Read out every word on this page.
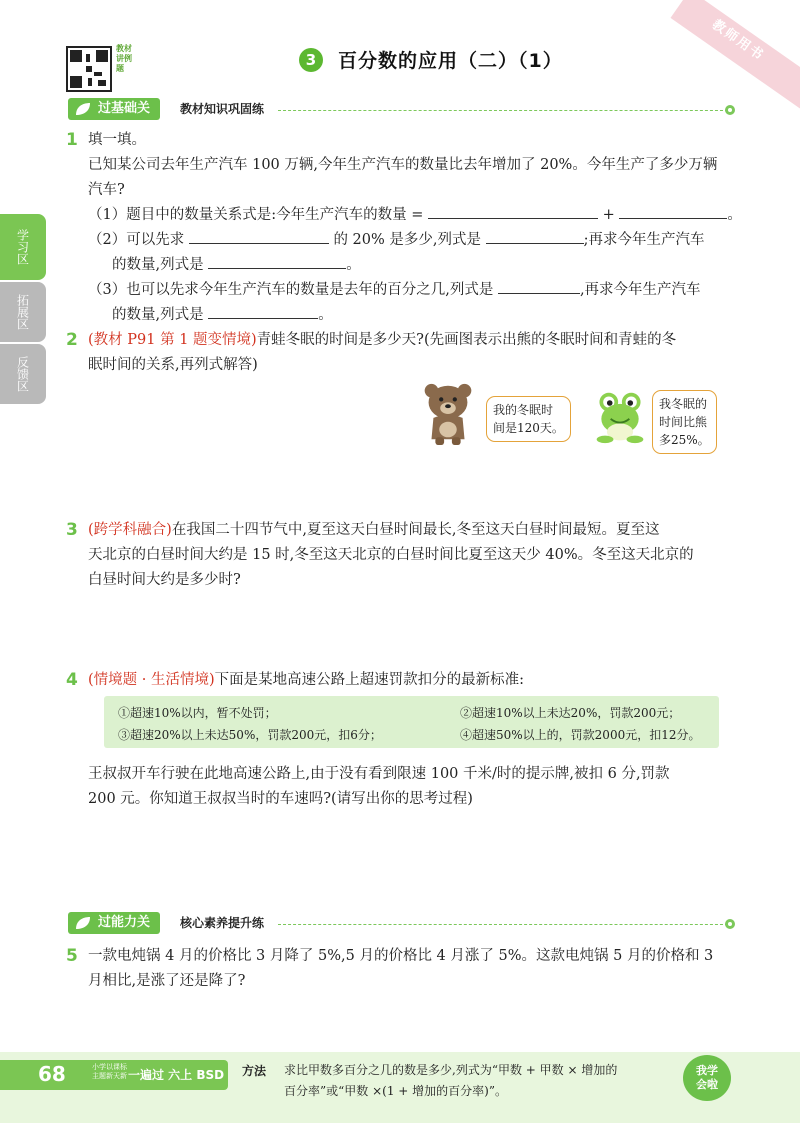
教师用书
教材讲例题	3	百分数的应用（二）（1）
学习区
拓展区
反馈区
过基础关	教材知识巩固练
1 填一填。
已知某公司去年生产汽车 100 万辆,今年生产汽车的数量比去年增加了 20%。今年生产了多少万辆
汽车?
（1）题目中的数量关系式是:今年生产汽车的数量 =	+	。
（2）可以先求	的 20% 是多少,列式是	;再求今年生产汽车
的数量,列式是	。
（3）也可以先求今年生产汽车的数量是去年的百分之几,列式是	,再求今年生产汽车
的数量,列式是	。
2 (教材 P91 第 1 题变情境)青蛙冬眠的时间是多少天?(先画图表示出熊的冬眠时间和青蛙的冬
眠时间的关系,再列式解答)
我的冬眠时
间是120天。
我冬眠的
时间比熊
多25%。
3 (跨学科融合)在我国二十四节气中,夏至这天白昼时间最长,冬至这天白昼时间最短。夏至这
天北京的白昼时间大约是 15 时,冬至这天北京的白昼时间比夏至这天少 40%。冬至这天北京的
白昼时间大约是多少时?
4 (情境题 · 生活情境)下面是某地高速公路上超速罚款扣分的最新标准:
①超速10%以内，暂不处罚；	②超速10%以上未达20%，罚款200元；
③超速20%以上未达50%，罚款200元，扣6分；	④超速50%以上的，罚款2000元，扣12分。
王叔叔开车行驶在此地高速公路上,由于没有看到限速 100 千米/时的提示牌,被扣 6 分,罚款
200 元。你知道王叔叔当时的车速吗?(请写出你的思考过程)
过能力关	核心素养提升练
5 一款电炖锅 4 月的价格比 3 月降了 5%,5 月的价格比 4 月涨了 5%。这款电炖锅 5 月的价格和 3
月相比,是涨了还是降了?
68	小学以课标
主题新天新 一遍过 六上 BSD 方法 求比甲数多百分之几的数是多少,列式为“甲数 + 甲数 × 增加的
百分率”或“甲数 ×(1 + 增加的百分率)”。
我学
会啦
